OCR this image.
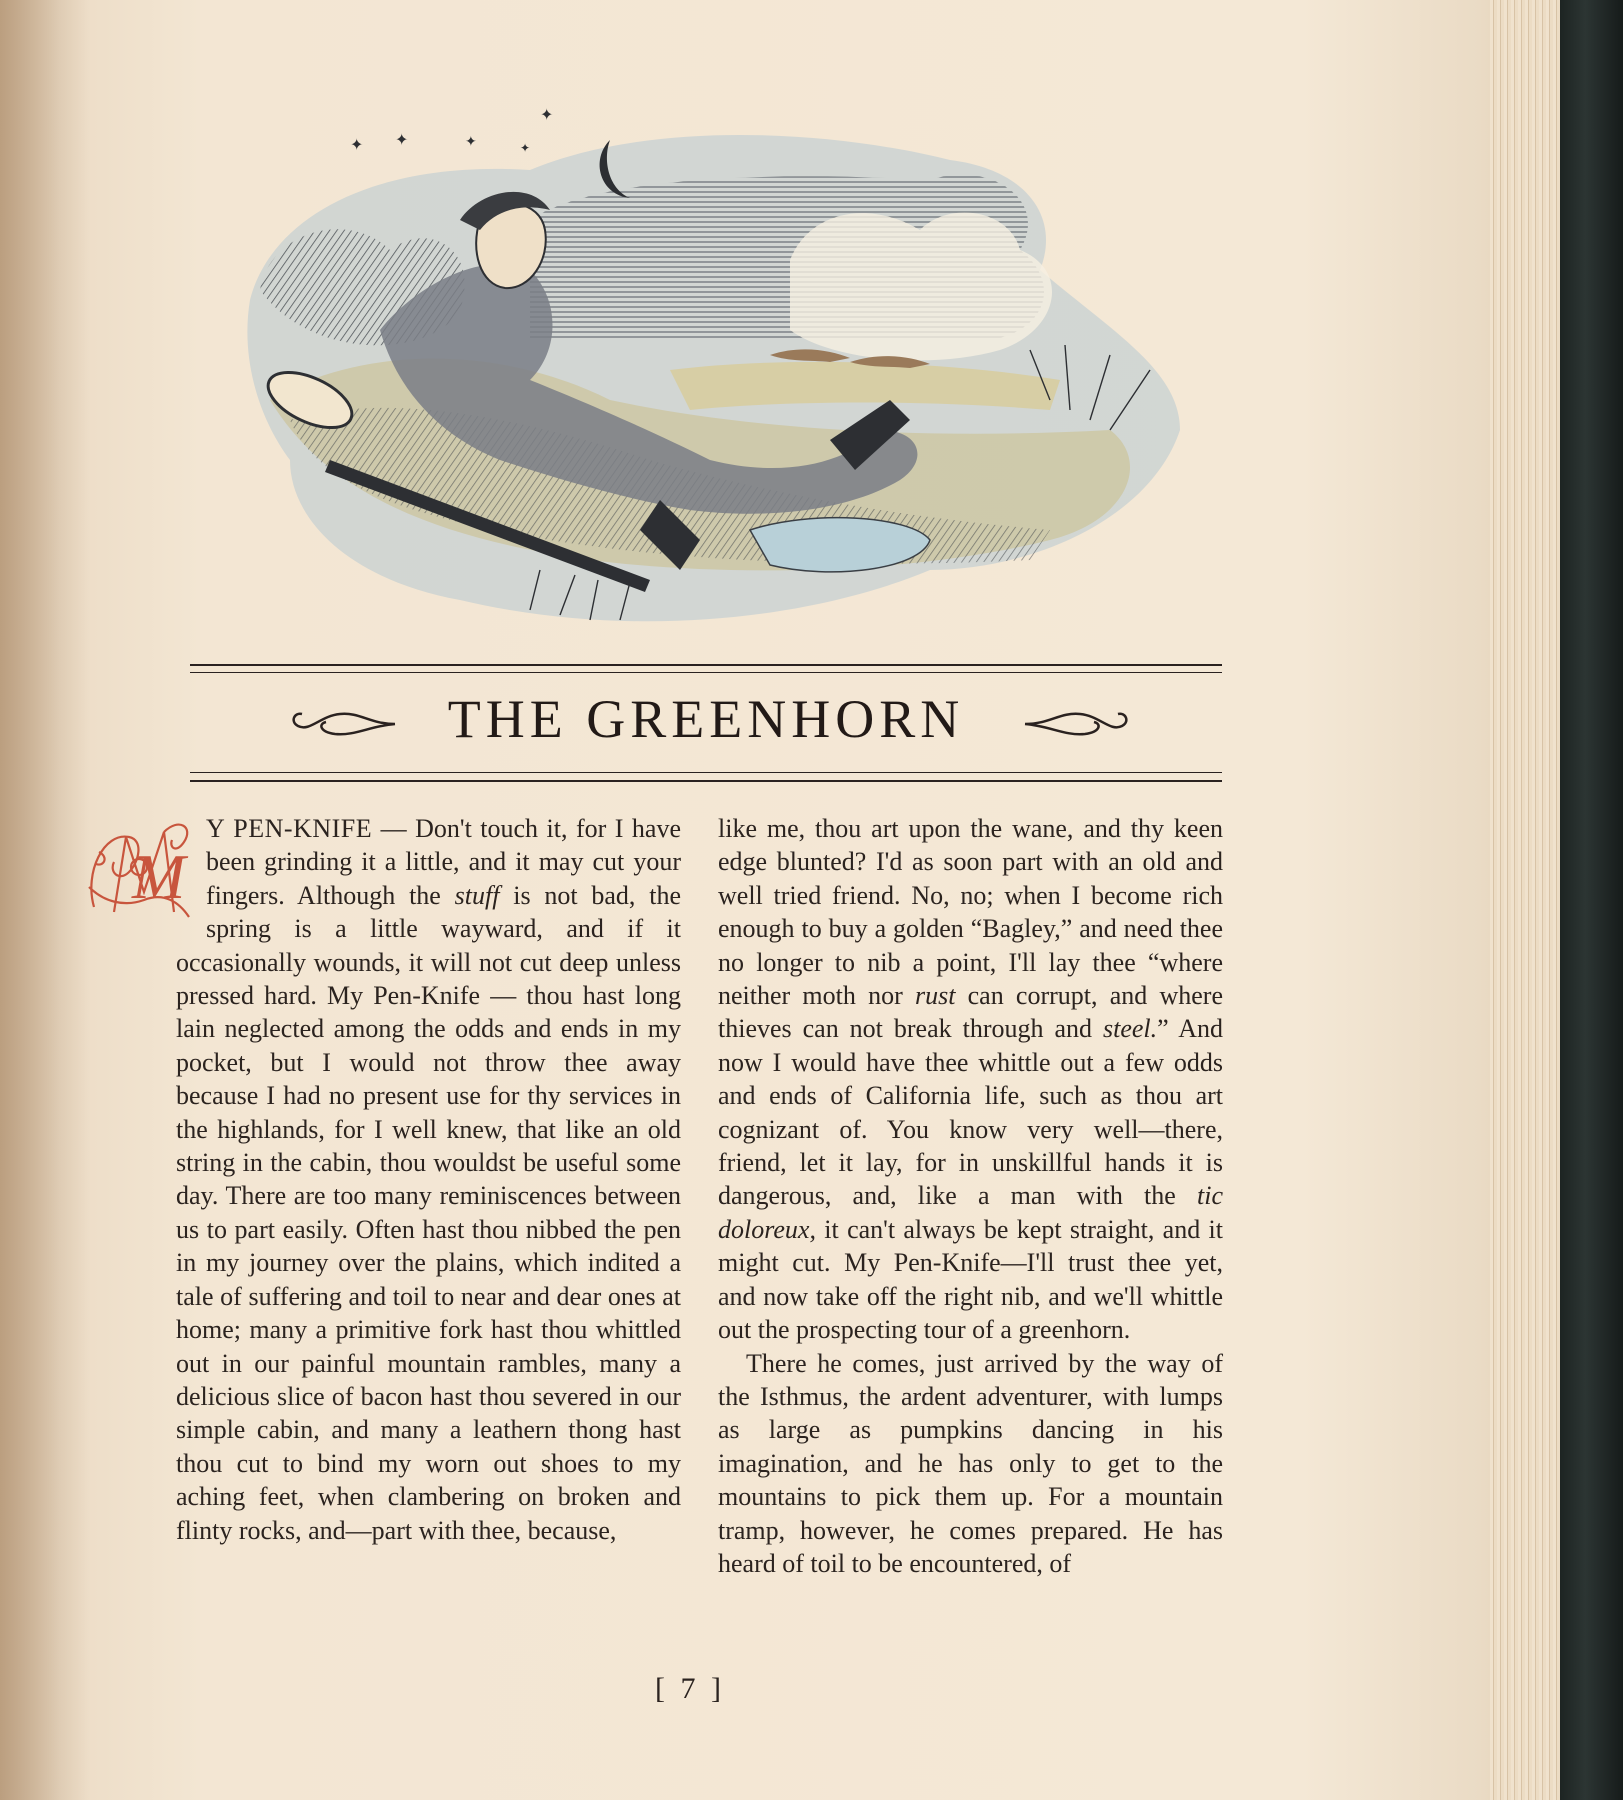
✦ ✦	✦	✦
✦
THE GREENHORN

M
Y PEN-KNIFE — Don't touch it, for I have been grinding it a little, and it may cut your fingers. Although the stuff is not bad, the spring is a little wayward, and if it occasionally wounds, it will not cut deep unless pressed hard. My Pen-Knife — thou hast long lain neglected among the odds and ends in my pocket, but I would not throw thee away because I had no present use for thy services in the highlands, for I well knew, that like an old string in the cabin, thou wouldst be useful some day. There are too many reminiscences between us to part easily. Often hast thou nibbed the pen in my journey over the plains, which indited a tale of suffering and toil to near and dear ones at home; many a primitive fork hast thou whittled out in our painful mountain rambles, many a delicious slice of bacon hast thou severed in our simple cabin, and many a leathern thong hast thou cut to bind my worn out shoes to my aching feet, when clambering on broken and flinty rocks, and—part with thee, because,

like me, thou art upon the wane, and thy keen edge blunted? I'd as soon part with an old and well tried friend. No, no; when I become rich enough to buy a golden “Bagley,” and need thee no longer to nib a point, I'll lay thee “where neither moth nor rust can corrupt, and where thieves can not break through and steel.” And now I would have thee whittle out a few odds and ends of California life, such as thou art cognizant of. You know very well—there, friend, let it lay, for in unskillful hands it is dangerous, and, like a man with the tic doloreux, it can't always be kept straight, and it might cut. My Pen-Knife—I'll trust thee yet, and now take off the right nib, and we'll whittle out the prospecting tour of a greenhorn.

There he comes, just arrived by the way of the Isthmus, the ardent adventurer, with lumps as large as pumpkins dancing in his imagination, and he has only to get to the mountains to pick them up. For a mountain tramp, however, he comes prepared. He has heard of toil to be encountered, of

[ 7 ]
